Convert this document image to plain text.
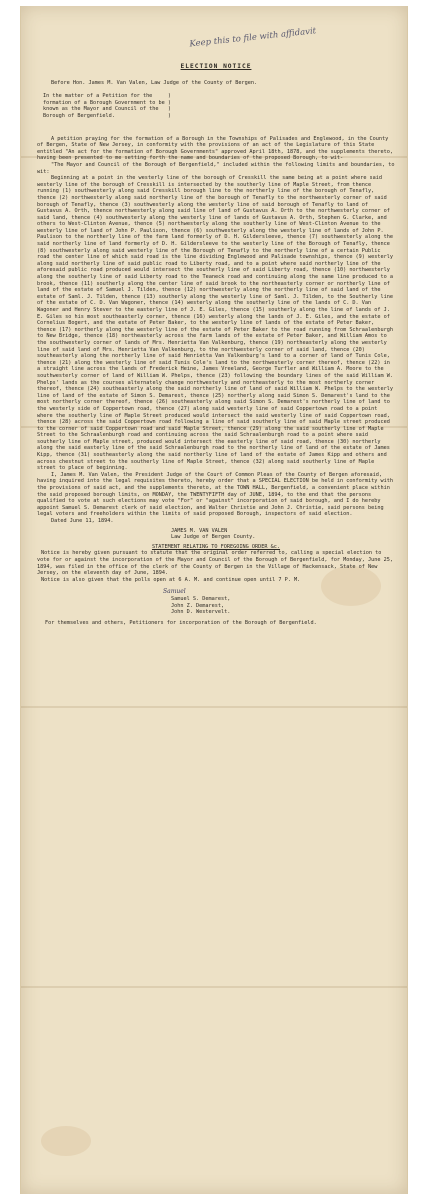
Keep this to file with affidavit
ELECTION NOTICE
Before Hon. James M. Van Valen, Law Judge of the County of Bergen.
In the matter of a Petition for the     )
formation of a Borough Government to be )
known as the Mayor and Council of the   )
Borough of Bergenfield.                 )

A petition praying for the formation of a Borough in the Townships of Palisades and Englewood, in the County of Bergen, State of New Jersey, in conformity with the provisions of an act of the Legislature of this State entitled "An act for the formation of Borough Governments" approved April 18th, 1878, and the supplements thereto, having been presented to me setting forth the name and boundaries of the proposed Borough, to wit-

"The Mayor and Council of the Borough of Bergenfield," included within the following limits and boundaries, to wit:

Beginning at a point in the westerly line of the borough of Cresskill the same being at a point where said westerly line of the borough of Cresskill is intersected by the southerly line of Maple Street, from thence running (1) southwesterly along said Cresskill borough line to the northerly line of the borough of Tenafly, thence (2) northwesterly along said northerly line of the borough of Tenafly to the northwesterly corner of said borough of Tenafly, thence (3) southwesterly along the westerly line of said borough of Tenafly to land of Gustavus A. Orth, thence northwesterly along said line of land of Gustavus A. Orth to the northwesterly corner of said land, thence (4) southwesterly along the westerly line of lands of Gustavus A. Orth, Stephen G. Clarke, and others to West-Clinton Avenue, thence (5) northwesterly along the southerly line of West-Clinton Avenue to the westerly line of land of John P. Paulison, thence (6) southwesterly along the westerly line of lands of John P. Paulison to the northerly line of the farm land formerly of D. H. Gildersleeve, thence (7) southwesterly along the said northerly line of land formerly of D. H. Gildersleeve to the westerly line of the Borough of Tenafly, thence (8) southwesterly along said westerly line of the Borough of Tenafly to the northerly line of a certain Public road the center line of which said road is the line dividing Englewood and Palisade townships, thence (9) westerly along said northerly line of said public road to Liberty road, and to a point where said northerly line of the aforesaid public road produced would intersect the southerly line of said Liberty road, thence (10) northwesterly along the southerly line of said Liberty road to the Teaneck road and continuing along the same line produced to a brook, thence (11) southerly along the center line of said brook to the northeasterly corner or northerly line of land of the estate of Samuel J. Tilden, thence (12) northwesterly along the northerly line of said land of the estate of Saml. J. Tilden, thence (13) southerly along the westerly line of Saml. J. Tilden, to the Southerly line of the estate of C. D. Van Wagoner, thence (14) westerly along the southerly line of the lands of C. D. Van Wagoner and Henry Stever to the easterly line of J. E. Giles, thence (15) southerly along the line of lands of J. E. Giles so his most southeasterly corner, thence (16) westerly along the lands of J. E. Giles, and the estate of Cornelius Bogert, and the estate of Peter Baker, to the westerly line of lands of the estate of Peter Baker, thence (17) northerly along the westerly line of the estate of Peter Baker to the road running from Schraalenburgh to New Bridge, thence (18) northeasterly across the farm lands of the estate of Peter Baker, and William Amos to the southwesterly corner of lands of Mrs. Henrietta Van Valkenburg, thence (19) northeasterly along the westerly line of said land of Mrs. Henrietta Van Valkenburg, to the northwesterly corner of said land, thence (20) southeasterly along the northerly line of said Henrietta Van Valkenburg's land to a corner of land of Tunis Cole, thence (21) along the westerly line of said Tunis Cole's land to the northwesterly corner thereof, thence (22) in a straight line across the lands of Frederick Heine, James Vreeland, George Turfler and William A. Moore to the southwesterly corner of land of William W. Phelps, thence (23) following the boundary lines of the said William W. Phelps' lands as the courses alternately change northwesterly and northeasterly to the most northerly corner thereof, thence (24) southeasterly along the said northerly line of land of said William W. Phelps to the westerly line of land of the estate of Simon S. Demarest, thence (25) northerly along said Simon S. Demarest's land to the most northerly corner thereof, thence (26) southeasterly along said Simon S. Demarest's northerly line of land to the westerly side of Coppertown road, thence (27) along said westerly line of said Coppertown road to a point where the southerly line of Maple Street produced would intersect the said westerly line of said Coppertown road, thence (28) across the said Coppertown road following a line of said southerly line of said Maple street produced to the corner of said Coppertown road and said Maple Street, thence (29) along the said southerly line of Maple Street to the Schraalenburgh road and continuing across the said Schraalenburgh road to a point where said southerly line of Maple street, produced would intersect the easterly line of said road, thence (30) northerly along the said easterly line of the said Schraalenburgh road to the northerly line of land of the estate of James Kipp, thence (31) southeasterly along the said northerly line of land of the estate of James Kipp and others and across chestnut street to the southerly line of Maple Street, thence (32) along said southerly line of Maple street to place of beginning.

I, James M. Van Valen, the President Judge of the Court of Common Pleas of the County of Bergen aforesaid, having inquired into the legal requisites thereto, hereby order that a SPECIAL ELECTION be held in conformity with the provisions of said act, and the supplements thereto, at the TOWN HALL, Bergenfield, a convenient place within the said proposed borough limits, on MONDAY, the TWENTYFIFTH day of JUNE, 1894, to the end that the persons qualified to vote at such elections may vote "For" or "against" incorporation of said borough, and I do hereby appoint Samuel S. Demarest clerk of said election, and Walter Christie and John J. Christie, said persons being legal voters and freeholders within the limits of said proposed Borough, inspectors of said election.

Dated June 11, 1894.

JAMES M. VAN VALEN
Law Judge of Bergen County.
STATEMENT RELATING TO FOREGOING ORDER &c.

Notice is hereby given pursuant to statute that the original order referred to, calling a special election to vote for or against the incorporation of the Mayor and Council of the Borough of Bergenfield, for Monday, June 25, 1894, was filed in the office of the clerk of the County of Bergen in the Village of Hackensack, State of New Jersey, on the eleventh day of June, 1894.

Notice is also given that the polls open at 6 A. M. and continue open until 7 P. M.

Samuel
Samuel S. Demarest,
John Z. Demarest,
John D. Westervelt.
For themselves and others, Petitioners for incorporation of the Borough of Bergenfield.
